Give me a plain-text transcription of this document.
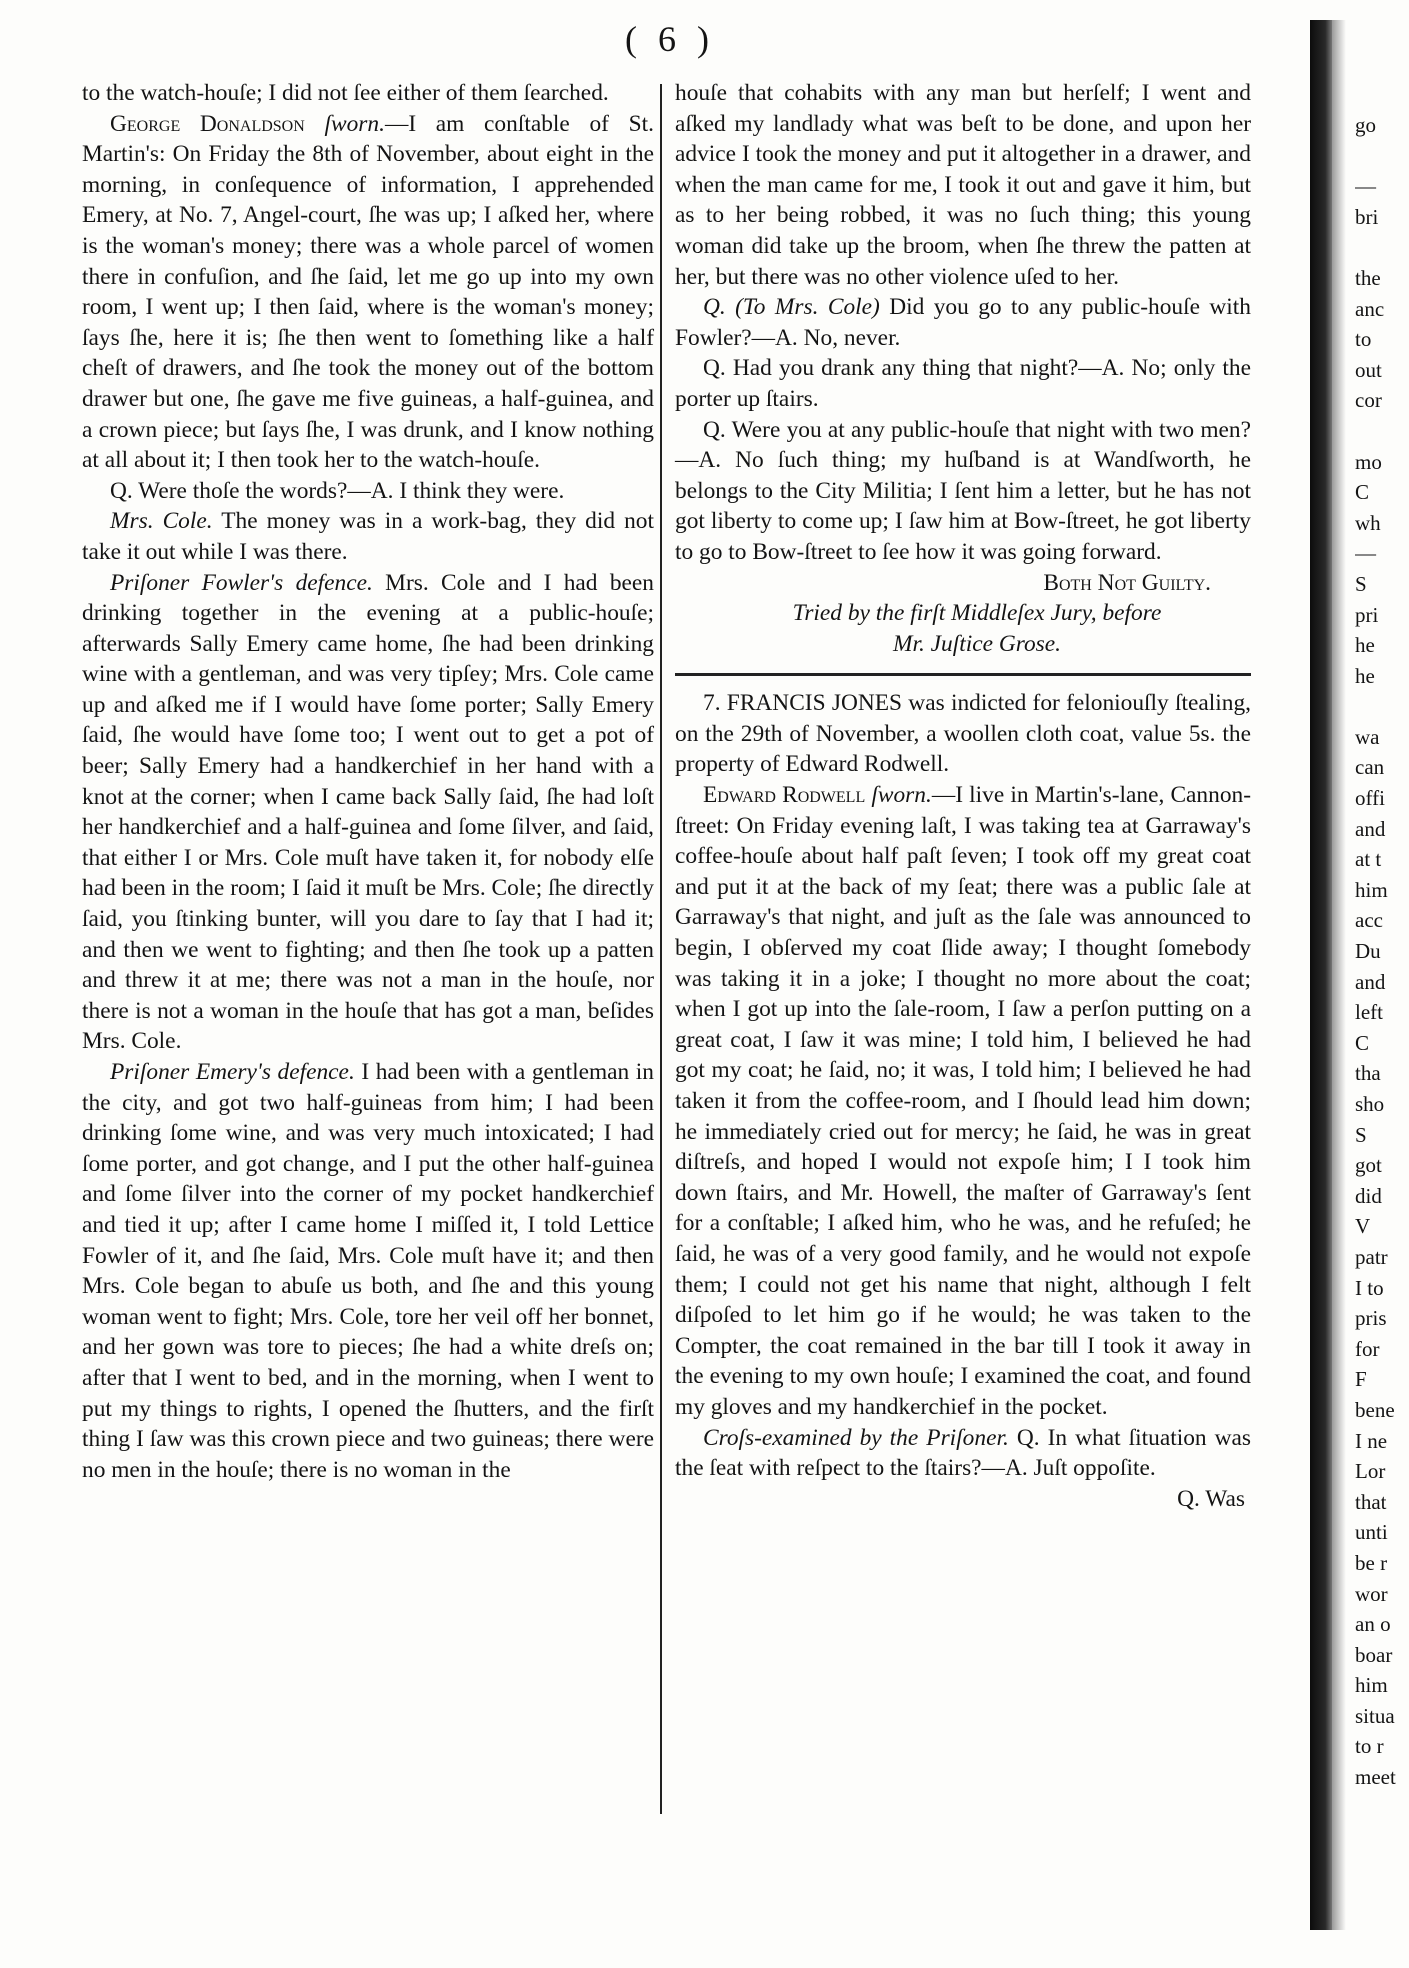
( 6 )

to the watch-houſe; I did not ſee either of them ſearched.

George Donaldson ſworn.—I am conſtable of St. Martin's: On Friday the 8th of November, about eight in the morning, in conſequence of information, I apprehended Emery, at No. 7, Angel-court, ſhe was up; I aſked her, where is the woman's money; there was a whole parcel of women there in confuſion, and ſhe ſaid, let me go up into my own room, I went up; I then ſaid, where is the woman's money; ſays ſhe, here it is; ſhe then went to ſomething like a half cheſt of drawers, and ſhe took the money out of the bottom drawer but one, ſhe gave me five guineas, a half-guinea, and a crown piece; but ſays ſhe, I was drunk, and I know nothing at all about it; I then took her to the watch-houſe.

Q. Were thoſe the words?—A. I think they were.

Mrs. Cole. The money was in a work-bag, they did not take it out while I was there.

Priſoner Fowler's defence. Mrs. Cole and I had been drinking together in the evening at a public-houſe; afterwards Sally Emery came home, ſhe had been drinking wine with a gentleman, and was very tipſey; Mrs. Cole came up and aſked me if I would have ſome porter; Sally Emery ſaid, ſhe would have ſome too; I went out to get a pot of beer; Sally Emery had a handkerchief in her hand with a knot at the corner; when I came back Sally ſaid, ſhe had loſt her handkerchief and a half-guinea and ſome ſilver, and ſaid, that either I or Mrs. Cole muſt have taken it, for nobody elſe had been in the room; I ſaid it muſt be Mrs. Cole; ſhe directly ſaid, you ſtinking bunter, will you dare to ſay that I had it; and then we went to fighting; and then ſhe took up a patten and threw it at me; there was not a man in the houſe, nor there is not a woman in the houſe that has got a man, beſides Mrs. Cole.

Priſoner Emery's defence. I had been with a gentleman in the city, and got two half-guineas from him; I had been drinking ſome wine, and was very much intoxicated; I had ſome porter, and got change, and I put the other half-guinea and ſome ſilver into the corner of my pocket handkerchief and tied it up; after I came home I miſſed it, I told Lettice Fowler of it, and ſhe ſaid, Mrs. Cole muſt have it; and then Mrs. Cole began to abuſe us both, and ſhe and this young woman went to fight; Mrs. Cole, tore her veil off her bonnet, and her gown was tore to pieces; ſhe had a white dreſs on; after that I went to bed, and in the morning, when I went to put my things to rights, I opened the ſhutters, and the firſt thing I ſaw was this crown piece and two guineas; there were no men in the houſe; there is no woman in the

houſe that cohabits with any man but herſelf; I went and aſked my landlady what was beſt to be done, and upon her advice I took the money and put it altogether in a drawer, and when the man came for me, I took it out and gave it him, but as to her being robbed, it was no ſuch thing; this young woman did take up the broom, when ſhe threw the patten at her, but there was no other violence uſed to her.

Q. (To Mrs. Cole) Did you go to any public-houſe with Fowler?—A. No, never.

Q. Had you drank any thing that night?—A. No; only the porter up ſtairs.

Q. Were you at any public-houſe that night with two men?—A. No ſuch thing; my huſband is at Wandſworth, he belongs to the City Militia; I ſent him a letter, but he has not got liberty to come up; I ſaw him at Bow-ſtreet, he got liberty to go to Bow-ſtreet to ſee how it was going forward.

Both Not Guilty.

Tried by the firſt Middleſex Jury, before

Mr. Juſtice Grose.

7. FRANCIS JONES was indicted for feloniouſly ſtealing, on the 29th of November, a woollen cloth coat, value 5s. the property of Edward Rodwell.

Edward Rodwell ſworn.—I live in Martin's-lane, Cannon-ſtreet: On Friday evening laſt, I was taking tea at Garraway's coffee-houſe about half paſt ſeven; I took off my great coat and put it at the back of my ſeat; there was a public ſale at Garraway's that night, and juſt as the ſale was announced to begin, I obſerved my coat ſlide away; I thought ſomebody was taking it in a joke; I thought no more about the coat; when I got up into the ſale-room, I ſaw a perſon putting on a great coat, I ſaw it was mine; I told him, I believed he had got my coat; he ſaid, no; it was, I told him; I believed he had taken it from the coffee-room, and I ſhould lead him down; he immediately cried out for mercy; he ſaid, he was in great diſtreſs, and hoped I would not expoſe him; I I took him down ſtairs, and Mr. Howell, the maſter of Garraway's ſent for a conſtable; I aſked him, who he was, and he refuſed; he ſaid, he was of a very good family, and he would not expoſe them; I could not get his name that night, although I felt diſpoſed to let him go if he would; he was taken to the Compter, the coat remained in the bar till I took it away in the evening to my own houſe; I examined the coat, and found my gloves and my handkerchief in the pocket.

Croſs-examined by the Priſoner. Q. In what ſituation was the ſeat with reſpect to the ſtairs?—A. Juſt oppoſite.

Q. Was

go
—
bri
the
anc
to
out
cor
mo
C
wh
—
S
pri
he
he
wa
can
offi
and
at t
him
acc
Du
and
left
C
tha
sho
S
got
did
V
patr
I to
pris
for
F
bene
I ne
Lor
that
unti
be r
wor
an o
boar
him
situa
to r
meet
